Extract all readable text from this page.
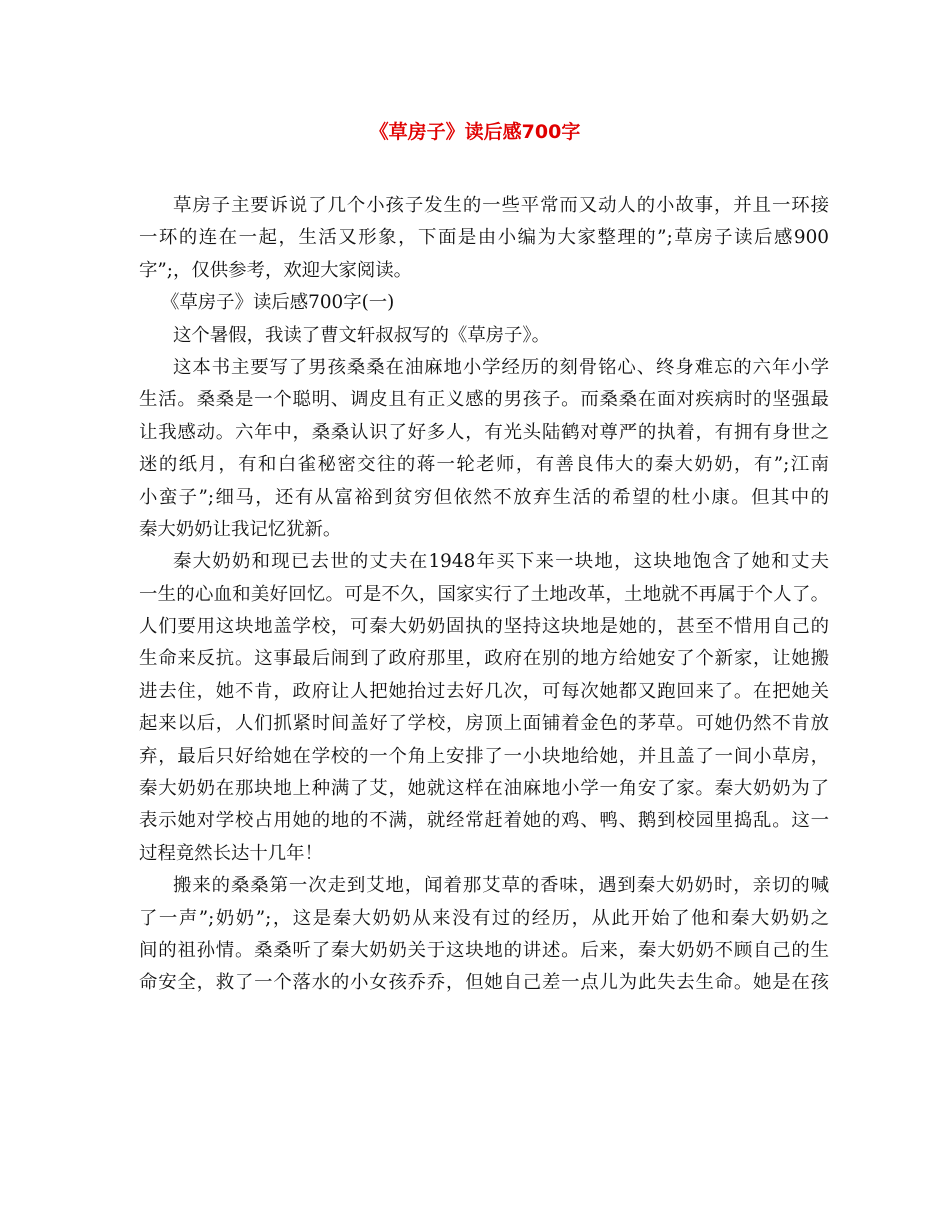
《草房子》读后感700字

草房子主要诉说了几个小孩子发生的一些平常而又动人的小故事，并且一环接
一环的连在一起，生活又形象，下面是由小编为大家整理的”;草房子读后感900
字”;，仅供参考，欢迎大家阅读。

《草房子》读后感700字(一)

这个暑假，我读了曹文轩叔叔写的《草房子》。

这本书主要写了男孩桑桑在油麻地小学经历的刻骨铭心、终身难忘的六年小学
生活。桑桑是一个聪明、调皮且有正义感的男孩子。而桑桑在面对疾病时的坚强最
让我感动。六年中，桑桑认识了好多人，有光头陆鹤对尊严的执着，有拥有身世之
迷的纸月，有和白雀秘密交往的蒋一轮老师，有善良伟大的秦大奶奶，有”;江南
小蛮子”;细马，还有从富裕到贫穷但依然不放弃生活的希望的杜小康。但其中的
秦大奶奶让我记忆犹新。

秦大奶奶和现已去世的丈夫在1948年买下来一块地，这块地饱含了她和丈夫
一生的心血和美好回忆。可是不久，国家实行了土地改革，土地就不再属于个人了。
人们要用这块地盖学校，可秦大奶奶固执的坚持这块地是她的，甚至不惜用自己的
生命来反抗。这事最后闹到了政府那里，政府在别的地方给她安了个新家，让她搬
进去住，她不肯，政府让人把她抬过去好几次，可每次她都又跑回来了。在把她关
起来以后，人们抓紧时间盖好了学校，房顶上面铺着金色的茅草。可她仍然不肯放
弃，最后只好给她在学校的一个角上安排了一小块地给她，并且盖了一间小草房，
秦大奶奶在那块地上种满了艾，她就这样在油麻地小学一角安了家。秦大奶奶为了
表示她对学校占用她的地的不满，就经常赶着她的鸡、鸭、鹅到校园里捣乱。这一
过程竟然长达十几年！

搬来的桑桑第一次走到艾地，闻着那艾草的香味，遇到秦大奶奶时，亲切的喊
了一声”;奶奶”;，这是秦大奶奶从来没有过的经历，从此开始了他和秦大奶奶之
间的祖孙情。桑桑听了秦大奶奶关于这块地的讲述。后来，秦大奶奶不顾自己的生
命安全，救了一个落水的小女孩乔乔，但她自己差一点儿为此失去生命。她是在孩
